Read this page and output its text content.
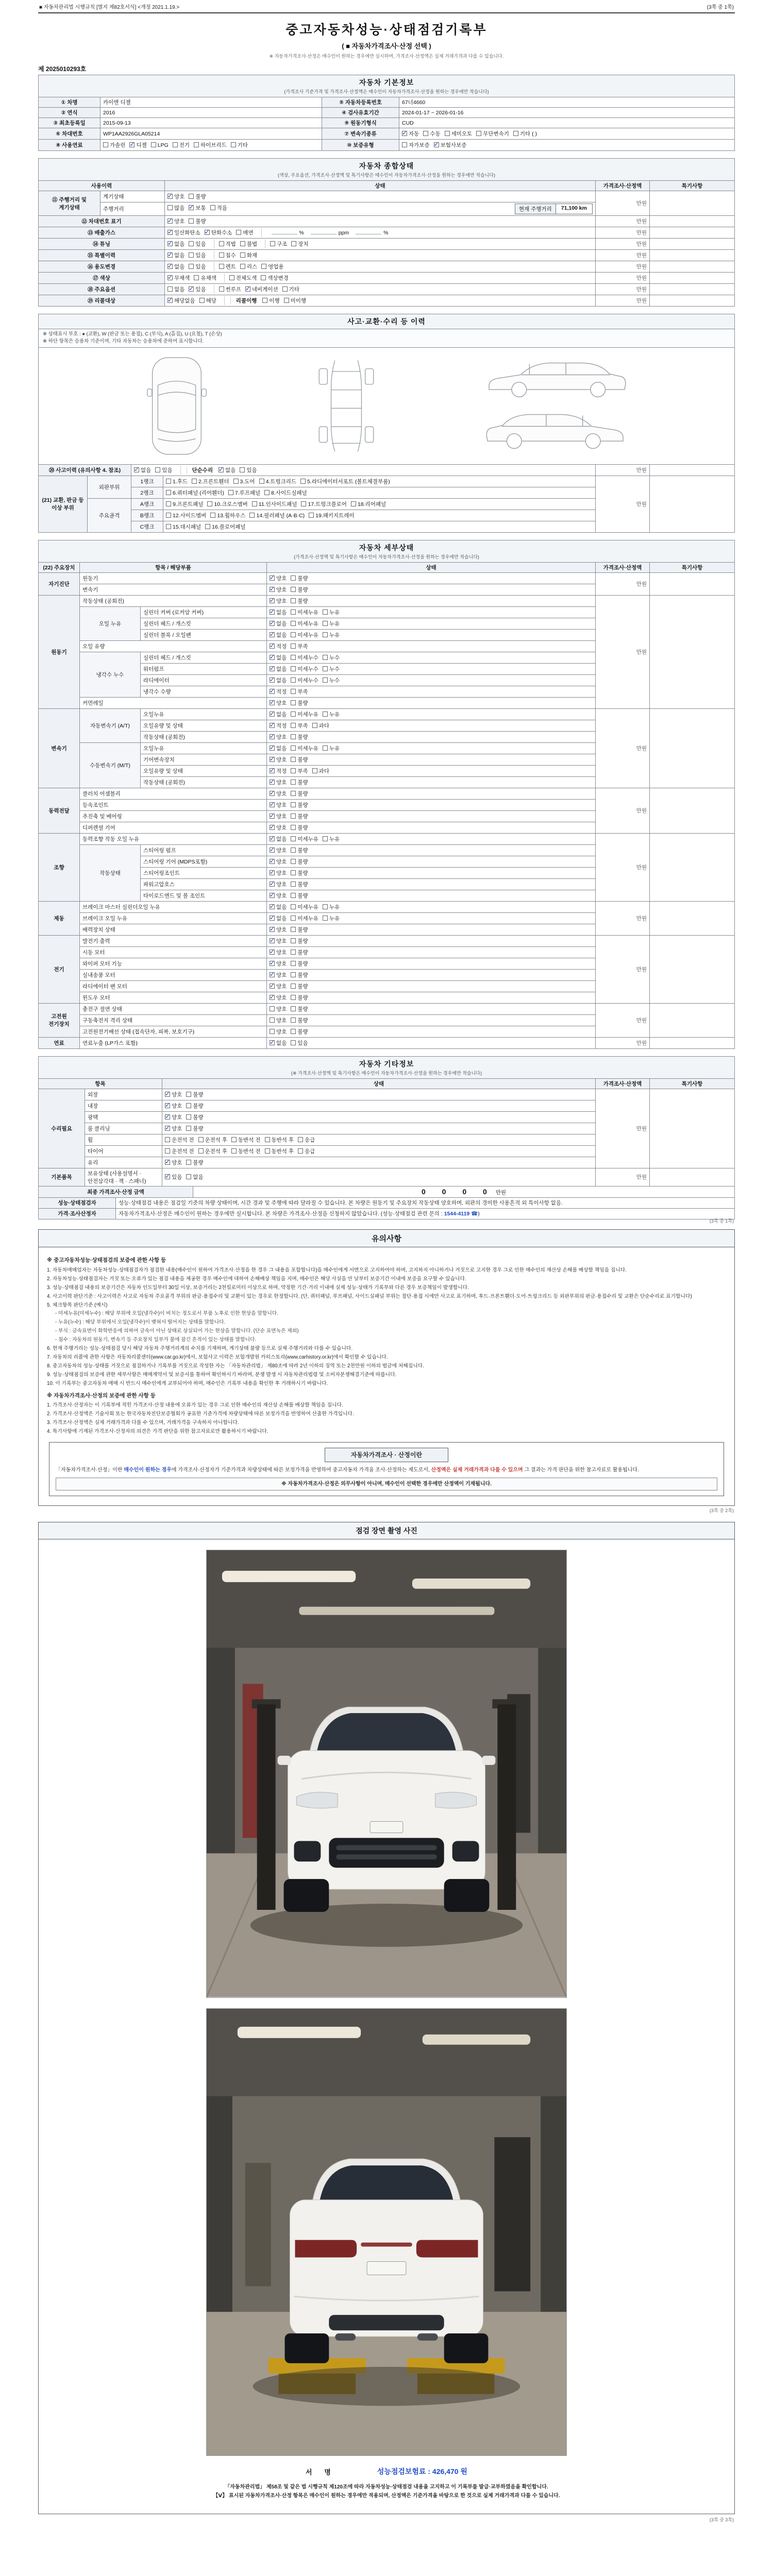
■ 자동차관리법 시행규칙 [별지 제82호서식] <개정 2021.1.19.>	(3쪽 중 1쪽)
중고자동차성능·상태점검기록부
( ■ 자동차가격조사·산정 선택 )
※ 자동차가격조사·산정은 매수인이 원하는 경우에만 실시하며, 가격조사·산정액은 실제 거래가격과 다를 수 있습니다.
제 2025010293호
자동차 기본정보
(가격조사 기준가격 및 가격조사·산정액은 매수인이 자동차가격조사·산정을 원하는 경우에만 적습니다)			

① 차명	카이엔 디젤	⑤ 자동차등록번호	67너4660
② 연식	2016	④ 검사유효기간	2024-01-17 ~ 2026-01-16
③ 최초등록일	2015-09-13	⑨ 원동기형식	CUD
⑥ 차대번호	WP1AA2926GLA05214	⑦ 변속기종류	✓자동 수동 세미오토 무단변속기 기타 ( )
⑧ 사용연료	가솔린 ✓ 디젤 LPG 전기 하이브리드 기타	⑩ 보증유형	자가보증 ✓ 보험사보증
자동차 종합상태
(색상, 주요옵션, 가격조사·산정액 및 특기사항은 매수인이 자동차가격조사·산정을 원하는 경우에만 적습니다)				

사용이력		상태	가격조사·산정액	특기사항
⑪ 주행거리 및 계기상태	계기상태	✓양호 불량	만원	
	주행거리	많음 ✓ 보통 적음 현재 주행거리 71,100 km

⑫ 차대번호 표기	✓양호 불량	만원	
⑬ 배출가스	✓일산화탄소 ✓ 탄화수소 매연 % ppm %	만원	
⑭ 튜닝	✓없음 있음 적법 불법 구조 장치	만원	
⑮ 특별이력	✓없음 있음 침수 화재	만원	
⑯ 용도변경	✓없음 있음 렌트 리스 영업용	만원	
⑰ 색상	✓무채색 유채색 전체도색 색상변경	만원	
⑱ 주요옵션		없음 ✓ 있음 썬루프 ✓ 네비게이션 기타	만원	
⑲ 리콜대상	✓해당없음 해당 리콜이행 이행 미이행	만원	
사고·교환·수리 등 이력					

※ 상태표시 부호 : ● (교환), W (판금 또는 용접), C (부식), A (흠집), U (요철), T (손상)
※ 하단 항목은 승용차 기준이며, 기타 자동차는 승용차에 준하여 표시합니다.					

⑳ 사고이력 (유의사항 4. 참조)	✓없음 있음 단순수리 ✓ 없음 있음		만원	
(21) 교환, 판금 등 이상 부위	외판부위	1랭크	1.후드 2.프론트휀더 3.도어 4.트렁크리드 5.라디에이터서포트 (볼트체결부품)	만원	
		2랭크	6.쿼터패널 (리어휀더) 7.루프패널 8.사이드실패널		
	주요골격	A랭크	9.프론트패널 10.크로스멤버 11.인사이드패널 17.트렁크플로어 18.리어패널		
		B랭크	12.사이드멤버 13.휠하우스 14.필러패널 (A·B·C) 19.패키지트레이		
		C랭크	15.대시패널 16.플로어패널		
자동차 세부상태
(가격조사·산정액 및 특기사항은 매수인이 자동차가격조사·산정을 원하는 경우에만 적습니다)					

(22) 주요장치	항목 / 해당부품		상태	가격조사·산정액	특기사항
자기진단	원동기	✓양호 불량	만원	
	변속기	✓양호 불량
원동기	작동상태 (공회전)	✓양호 불량	만원	
	오일 누유	실린더 커버 (로커암 커버)	✓없음 미세누유 누유
		실린더 헤드 / 개스킷	✓없음 미세누유 누유
		실린더 블록 / 오일팬	✓없음 미세누유 누유
	오일 유량	✓적정 부족
	냉각수 누수	실린더 헤드 / 개스킷	✓없음 미세누수 누수
		워터펌프	✓없음 미세누수 누수
		라디에이터	✓없음 미세누수 누수
		냉각수 수량	✓적정 부족
	커먼레일	✓양호 불량
변속기	자동변속기 (A/T)	오일누유	✓없음 미세누유 누유	만원	
		오일유량 및 상태	✓적정 부족 과다
		작동상태 (공회전)	✓양호 불량
	수동변속기 (M/T)	오일누유	✓없음 미세누유 누유
		기어변속장치	✓양호 불량
		오일유량 및 상태	✓적정 부족 과다
		작동상태 (공회전)	✓양호 불량
동력전달	클러치 어셈블리	✓양호 불량	만원	
	등속조인트	✓양호 불량
	추진축 및 베어링	✓양호 불량
	디퍼렌셜 기어	✓양호 불량
조향	동력조향 작동 오일 누유	✓없음 미세누유 누유	만원	
	작동상태	스티어링 펌프	✓양호 불량
		스티어링 기어 (MDPS포함)	✓양호 불량
		스티어링조인트	✓양호 불량
		파워고압호스	✓양호 불량
		타이로드엔드 및 볼 조인트	✓양호 불량
제동	브레이크 마스터 실린더오일 누유	✓없음 미세누유 누유	만원	
	브레이크 오일 누유	✓없음 미세누유 누유
	배력장치 상태	✓양호 불량
전기	발전기 출력	✓양호 불량	만원	
	시동 모터	✓양호 불량
	와이퍼 모터 기능	✓양호 불량
	실내송풍 모터	✓양호 불량
	라디에이터 팬 모터	✓양호 불량
	윈도우 모터	✓양호 불량
고전원 전기장치	충전구 절연 상태		양호 불량	만원	
	구동축전지 격리 상태		양호 불량		
	고전원전기배선 상태 (접속단자, 피복, 보호기구)		양호 불량		
연료	연료누출 (LP가스 포함)	✓없음 있음	만원	
자동차 기타정보
(※ 가격조사·산정액 및 특기사항은 매수인이 자동차가격조사·산정을 원하는 경우에만 적습니다)				

항목		상태	가격조사·산정액	특기사항
수리필요	외장	✓양호 불량	만원	
	내장	✓양호 불량
	광택	✓양호 불량
	룸 클리닝	✓양호 불량
	휠	운전석 전 운전석 후 동반석 전 동반석 후 응급		
	타이어	운전석 전 운전석 후 동반석 전 동반석 후 응급		
	유리	✓양호 불량
기본품목	보유상태 (사용설명서 · 안전삼각대 · 잭 · 스패너)	✓있음 없음	만원	
최종 가격조사·산정 금액	0 0 0 0 만원
성능·상태점검자	성능·상태점검 내용은 점검일 기준의 차량 상태이며, 시간 경과 및 주행에 따라 달라질 수 있습니다. 본 차량은 원동기 및 주요장치 작동상태 양호하며, 외판의 경미한 사용흔적 외 특이사항 없음.
가격·조사산정자	자동차가격조사·산정은 매수인이 원하는 경우에만 실시합니다. 본 차량은 가격조사·산정을 신청하지 않았습니다. (성능·상태점검 관련 문의 : 1544-4119 ☎)
(3쪽 중 1쪽)
유의사항
※ 중고자동차성능·상태점검의 보증에 관한 사항 등

1. 자동차매매업자는 자동차성능·상태점검자가 점검한 내용(매수인이 원하여 가격조사·산정을 한 경우 그 내용을 포함합니다)을 매수인에게 서면으로 고지하여야 하며, 고지하지 아니하거나 거짓으로 고지한 경우 그로 인한 매수인의 재산상 손해를 배상할 책임을 집니다.

2. 자동차성능·상태점검자는 거짓 또는 오류가 있는 점검 내용을 제공한 경우 매수인에 대하여 손해배상 책임을 지며, 매수인은 해당 사실을 안 날부터 보증기간 이내에 보증을 요구할 수 있습니다.

3. 성능·상태점검 내용의 보증기간은 자동차 인도일부터 30일 이상, 보증거리는 2천킬로미터 이상으로 하며, 약정한 기간·거리 이내에 실제 성능·상태가 기록부와 다른 경우 보증책임이 발생합니다.

4. 사고이력 판단기준 : 사고이력은 사고로 자동차 주요골격 부위의 판금·용접수리 및 교환이 있는 경우로 한정합니다. (단, 쿼터패널, 루프패널, 사이드실패널 부위는 절단·용접 시에만 사고로 표기하며, 후드·프론트휀더·도어·트렁크리드 등 외판부위의 판금·용접수리 및 교환은 단순수리로 표기합니다)

5. 체크항목 판단기준 (예시)

- 미세누유(미세누수) : 해당 부위에 오일(냉각수)이 비치는 정도로서 부품 노후로 인한 현상을 말합니다.

- 누유(누수) : 해당 부위에서 오일(냉각수)이 맺혀서 떨어지는 상태를 말합니다.

- 부식 : 금속표면이 화학반응에 의하여 금속이 아닌 상태로 상실되어 가는 현상을 말합니다. (단순 표면녹은 제외)

- 침수 : 자동차의 원동기, 변속기 등 주요장치 일부가 물에 잠긴 흔적이 있는 상태를 말합니다.

6. 현재 주행거리는 성능·상태점검 당시 해당 자동차 주행거리계의 수치를 기재하며, 계기상태 불량 등으로 실제 주행거리와 다를 수 있습니다.

7. 자동차의 리콜에 관한 사항은 자동차리콜센터(www.car.go.kr)에서, 보험사고 이력은 보험개발원 카히스토리(www.carhistory.or.kr)에서 확인할 수 있습니다.

8. 중고자동차의 성능·상태를 거짓으로 점검하거나 기록부를 거짓으로 작성한 자는 「자동차관리법」 제80조에 따라 2년 이하의 징역 또는 2천만원 이하의 벌금에 처해집니다.

9. 성능·상태점검의 보증에 관한 세부사항은 매매계약서 및 보증서를 통하여 확인하시기 바라며, 분쟁 발생 시 자동차관리법령 및 소비자분쟁해결기준에 따릅니다.

10. 이 기록부는 중고자동차 매매 시 반드시 매수인에게 교부되어야 하며, 매수인은 기록부 내용을 확인한 후 거래하시기 바랍니다.

※ 자동차가격조사·산정의 보증에 관한 사항 등

1. 가격조사·산정자는 이 기록부에 적힌 가격조사·산정 내용에 오류가 있는 경우 그로 인한 매수인의 재산상 손해를 배상할 책임을 집니다.

2. 가격조사·산정액은 기술사회 또는 한국자동차진단보증협회가 공표한 기준가격에 차량상태에 따른 보정가격을 반영하여 산출한 가격입니다.

3. 가격조사·산정액은 실제 거래가격과 다를 수 있으며, 거래가격을 구속하지 아니합니다.

4. 특기사항에 기재된 가격조사·산정자의 의견은 가격 판단을 위한 참고자료로만 활용하시기 바랍니다.

자동차가격조사 · 산정이란

「자동차가격조사·산정」이란 매수인이 원하는 경우에 가격조사·산정자가 기준가격과 차량상태에 따른 보정가격을 반영하여 중고자동차 가격을 조사·산정하는 제도로서, 산정액은 실제 거래가격과 다를 수 있으며 그 결과는 가격 판단을 위한 참고자료로 활용됩니다.

※ 자동차가격조사·산정은 의무사항이 아니며, 매수인이 선택한 경우에만 산정액이 기재됩니다.

(3쪽 중 2쪽)
점검 장면 촬영 사진
서 명	성능점검보험료 : 426,470 원
「자동차관리법」 제58조 및 같은 법 시행규칙 제120조에 따라 자동차성능·상태점검 내용을 고지하고 이 기록부를 발급·교부하였음을 확인합니다.
【Ⅴ】 표시된 자동차가격조사·산정 항목은 매수인이 원하는 경우에만 적용되며, 산정액은 기준가격을 바탕으로 한 것으로 실제 거래가격과 다를 수 있습니다.
(3쪽 중 3쪽)
